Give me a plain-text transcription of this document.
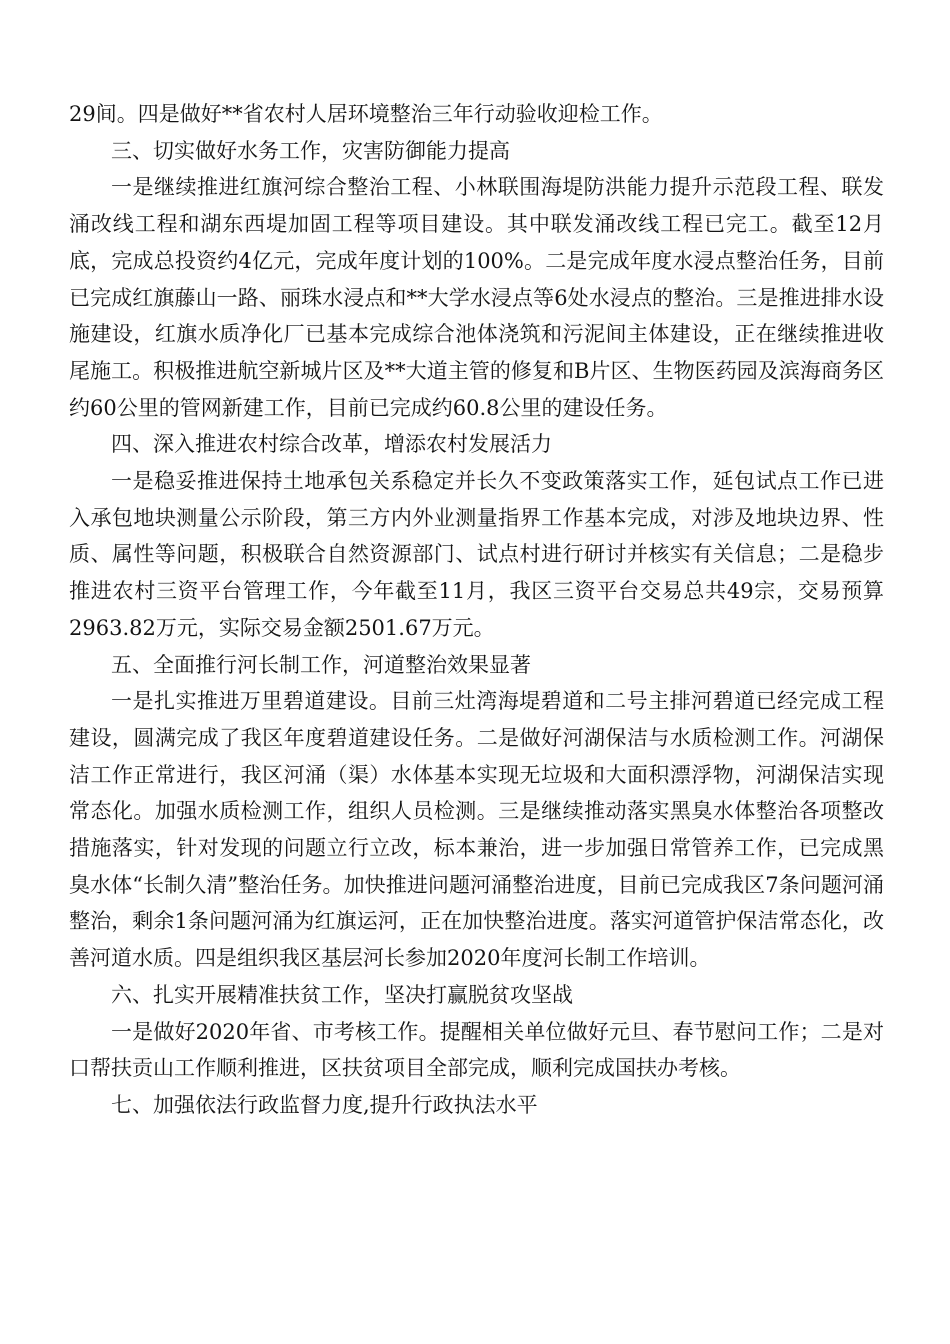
29间。四是做好**省农村人居环境整治三年行动验收迎检工作。

三、切实做好水务工作，灾害防御能力提高

一是继续推进红旗河综合整治工程、小林联围海堤防洪能力提升示范段工程、联发涌改线工程和湖东西堤加固工程等项目建设。其中联发涌改线工程已完工。截至12月底，完成总投资约4亿元，完成年度计划的100%。二是完成年度水浸点整治任务，目前已完成红旗藤山一路、丽珠水浸点和**大学水浸点等6处水浸点的整治。三是推进排水设施建设，红旗水质净化厂已基本完成综合池体浇筑和污泥间主体建设，正在继续推进收尾施工。积极推进航空新城片区及**大道主管的修复和B片区、生物医药园及滨海商务区约60公里的管网新建工作，目前已完成约60.8公里的建设任务。

四、深入推进农村综合改革，增添农村发展活力

一是稳妥推进保持土地承包关系稳定并长久不变政策落实工作，延包试点工作已进入承包地块测量公示阶段，第三方内外业测量指界工作基本完成，对涉及地块边界、性质、属性等问题，积极联合自然资源部门、试点村进行研讨并核实有关信息；二是稳步推进农村三资平台管理工作，今年截至11月，我区三资平台交易总共49宗，交易预算2963.82万元，实际交易金额2501.67万元。

五、全面推行河长制工作，河道整治效果显著

一是扎实推进万里碧道建设。目前三灶湾海堤碧道和二号主排河碧道已经完成工程建设，圆满完成了我区年度碧道建设任务。二是做好河湖保洁与水质检测工作。河湖保洁工作正常进行，我区河涌（渠）水体基本实现无垃圾和大面积漂浮物，河湖保洁实现常态化。加强水质检测工作，组织人员检测。三是继续推动落实黑臭水体整治各项整改措施落实，针对发现的问题立行立改，标本兼治，进一步加强日常管养工作，已完成黑臭水体“长制久清”整治任务。加快推进问题河涌整治进度，目前已完成我区7条问题河涌整治，剩余1条问题河涌为红旗运河，正在加快整治进度。落实河道管护保洁常态化，改善河道水质。四是组织我区基层河长参加2020年度河长制工作培训。

六、扎实开展精准扶贫工作，坚决打赢脱贫攻坚战

一是做好2020年省、市考核工作。提醒相关单位做好元旦、春节慰问工作；二是对口帮扶贡山工作顺利推进，区扶贫项目全部完成，顺利完成国扶办考核。

七、加强依法行政监督力度,提升行政执法水平
